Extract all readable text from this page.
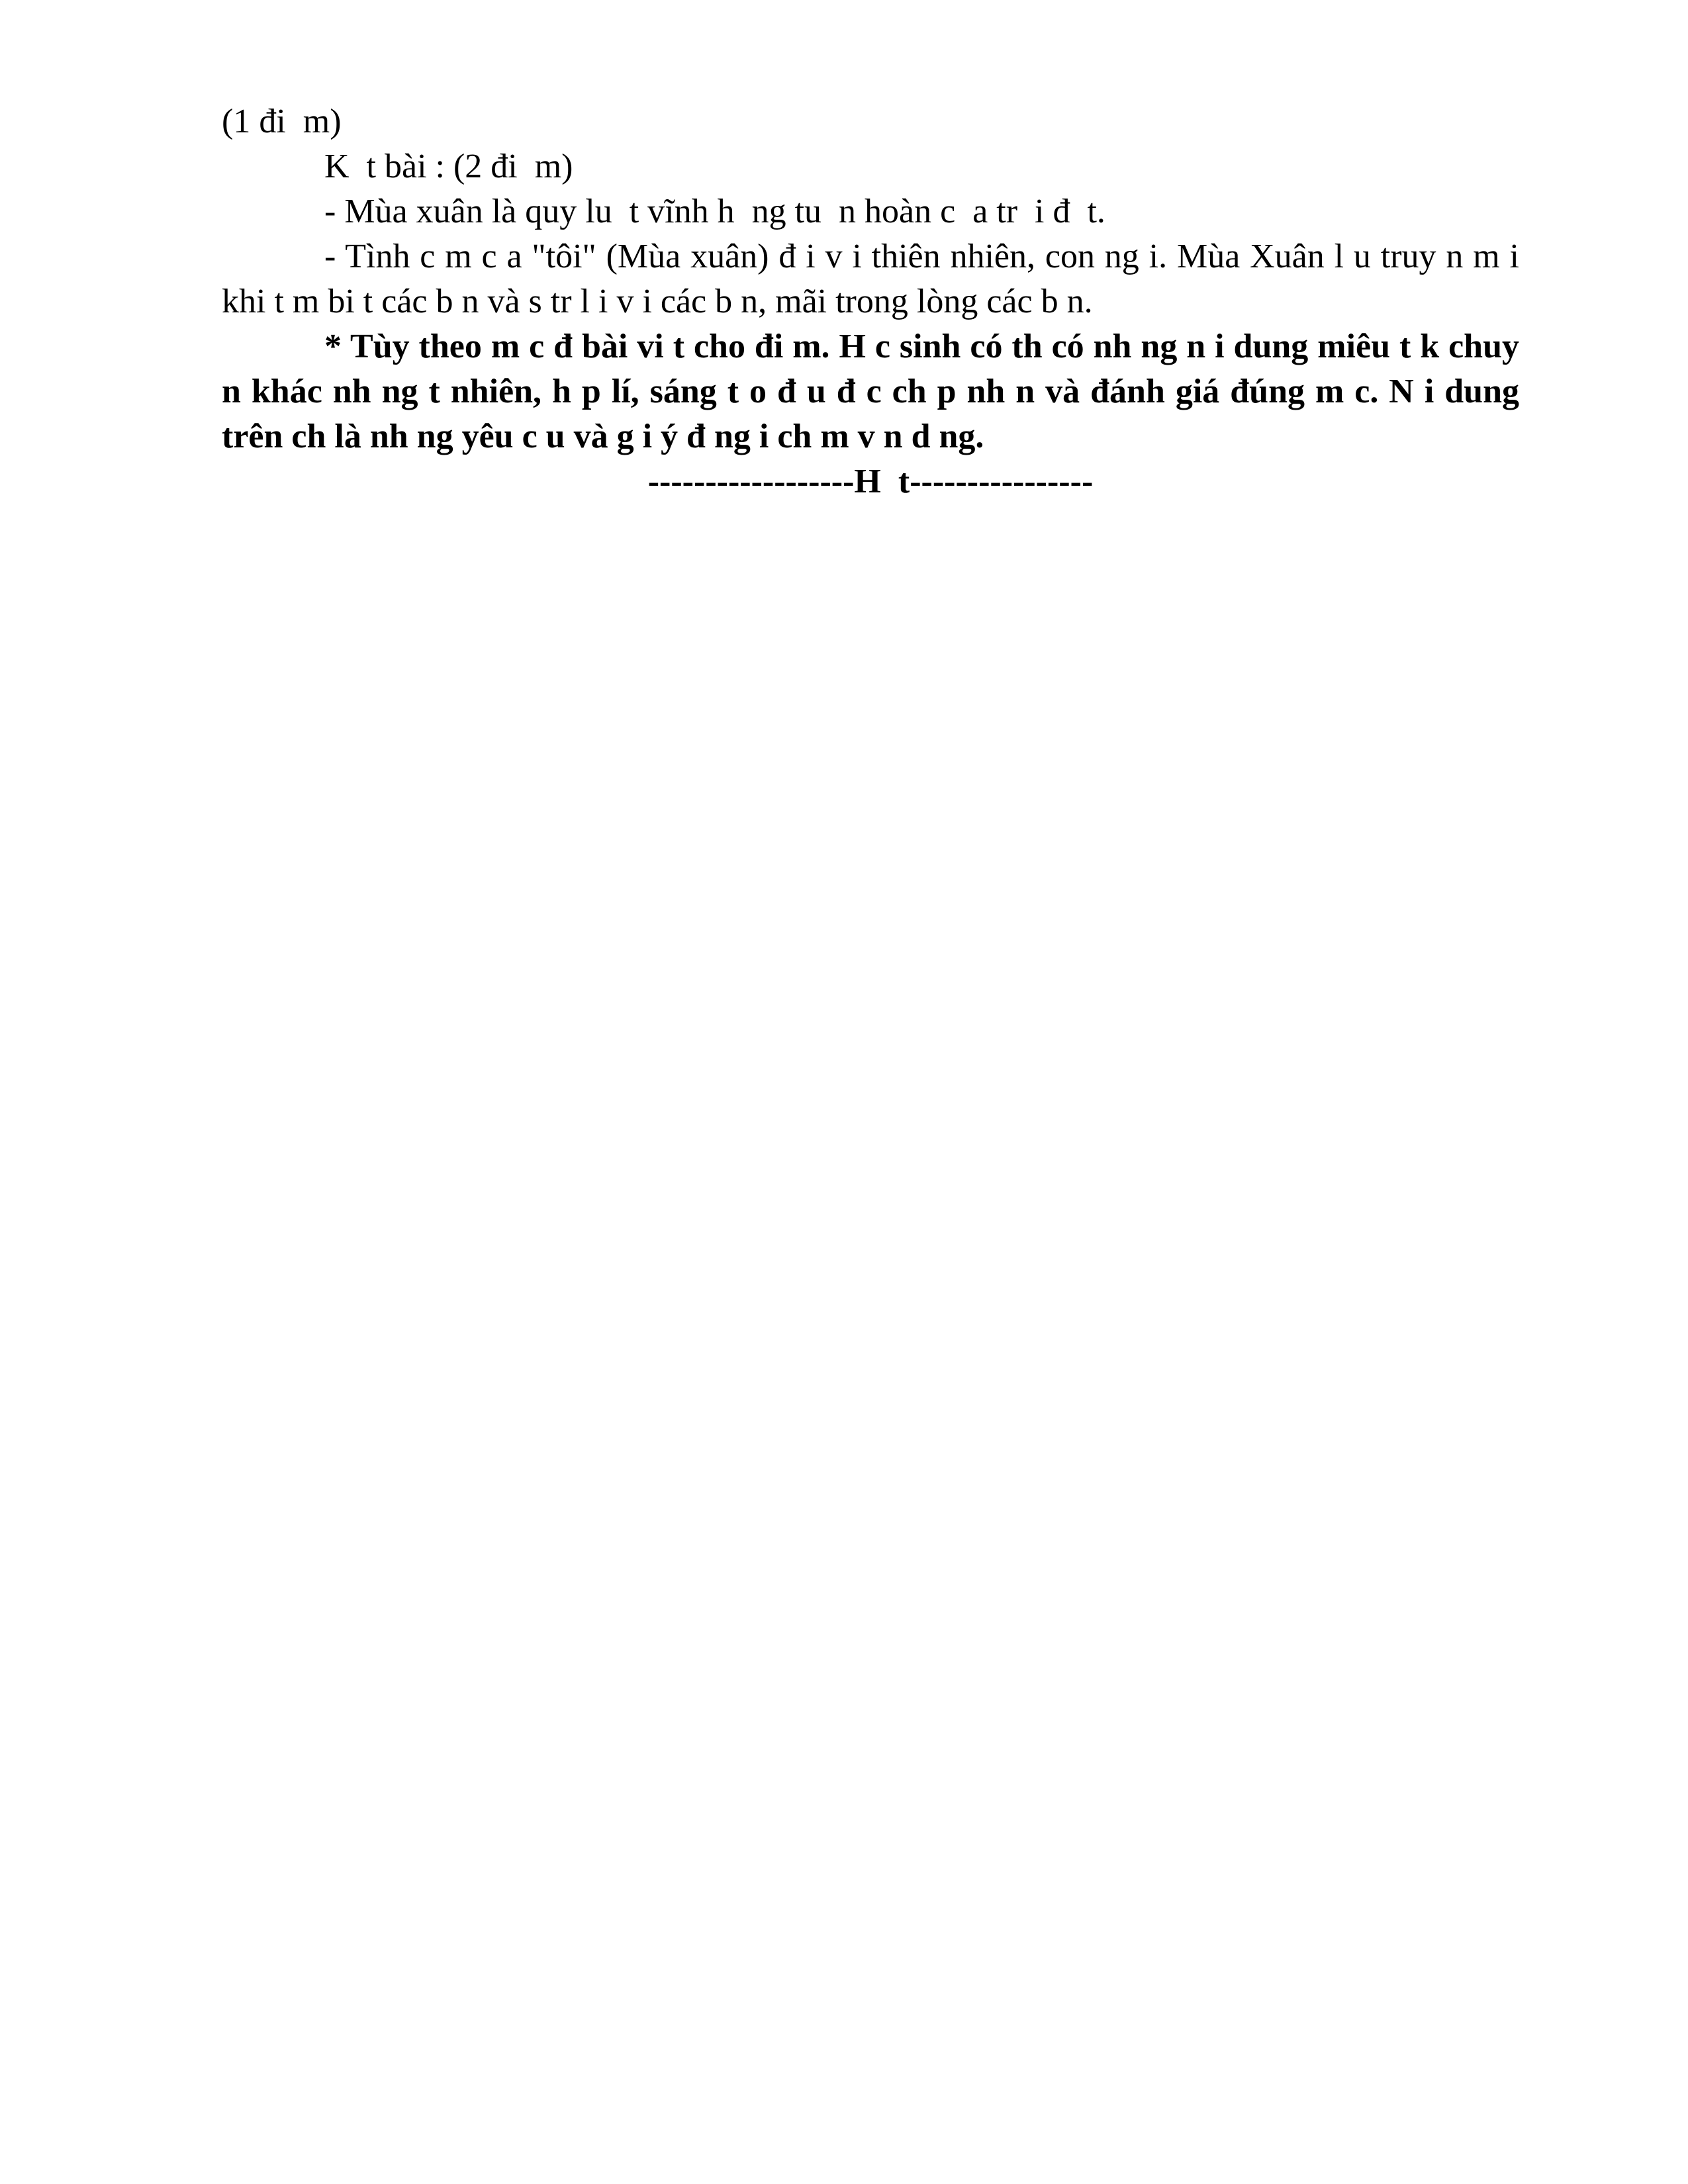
(1 đi  m)

K  t bài : (2 đi  m)

- Mùa xuân là quy lu  t vĩnh h  ng tu  n hoàn c  a tr  i đ  t.

- Tình c m c a "tôi" (Mùa xuân) đ i v i thiên nhiên, con ng i. Mùa Xuân l u truy n m i khi t m bi t các b n và s tr l i v i các b n, mãi trong lòng các b n.

* Tùy theo m c đ bài vi t cho đi m. H c sinh có th có nh ng n i dung miêu t k chuy n khác nh ng t nhiên, h p lí, sáng t o đ u đ c ch p nh n và đánh giá đúng m c. N i dung trên ch là nh ng yêu c u và g i ý đ ng i ch m v n d ng.

------------------H  t----------------
